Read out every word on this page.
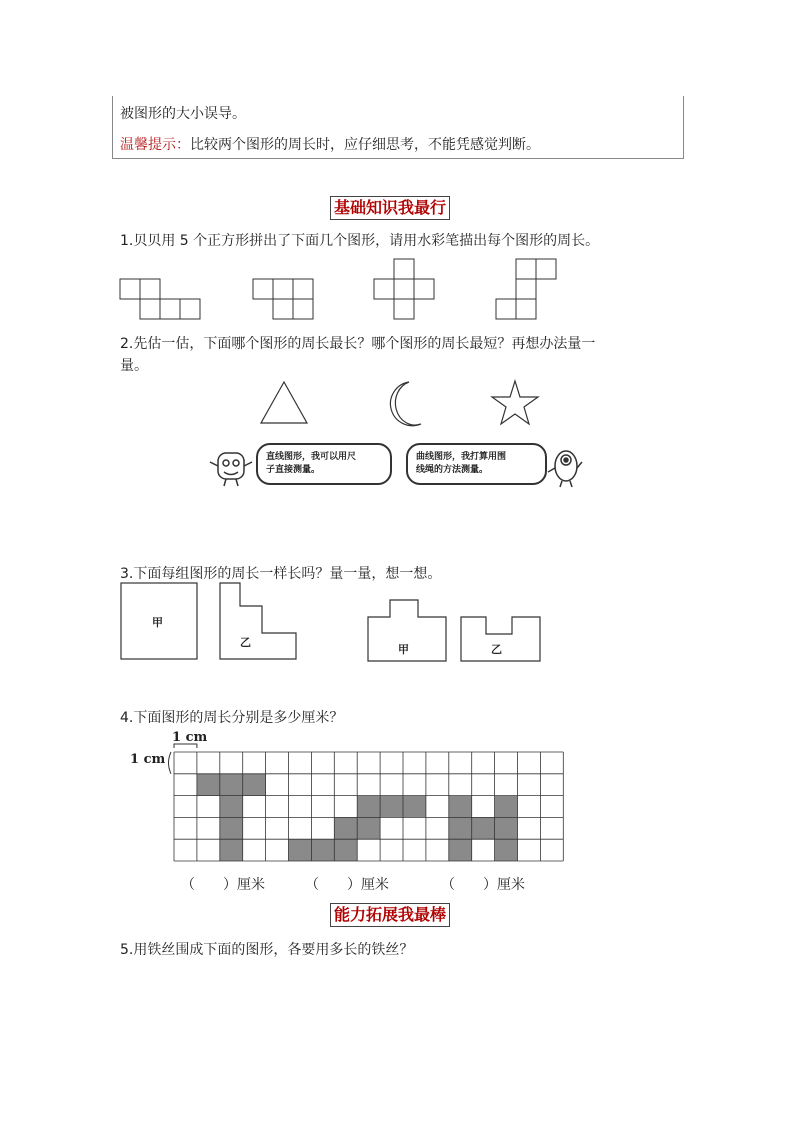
被图形的大小误导。
温馨提示：比较两个图形的周长时，应仔细思考，不能凭感觉判断。
基础知识我最行
1.贝贝用 5 个正方形拼出了下面几个图形，请用水彩笔描出每个图形的周长。
2.先估一估，下面哪个图形的周长最长？哪个图形的周长最短？再想办法量一
量。
直线图形，我可以用尺
子直接测量。
曲线图形，我打算用围
线绳的方法测量。
3.下面每组图形的周长一样长吗？量一量，想一想。
甲
乙
甲	乙
4.下面图形的周长分别是多少厘米？
1 cm
1 cm
（　　）厘米	（　　）厘米	（　　）厘米
能力拓展我最棒
5.用铁丝围成下面的图形，各要用多长的铁丝？
